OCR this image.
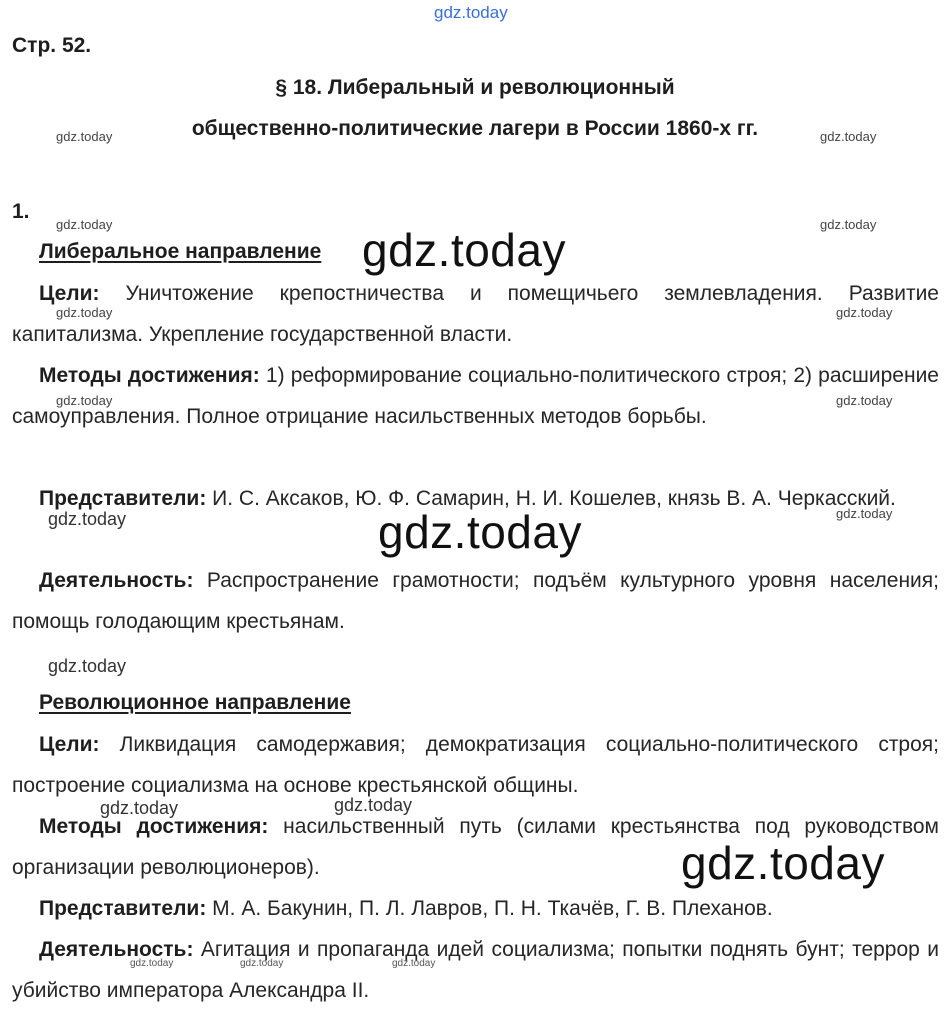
gdz.today
Стр. 52.
§ 18. Либеральный и революционный
общественно-политические лагери в России 1860-х гг.
1.
Либеральное направление

Цели: Уничтожение крепостничества и помещичьего землевладения. Развитие капитализма. Укрепление государственной власти.

Методы достижения: 1) реформирование социально-политического строя; 2) расширение самоуправления. Полное отрицание насильственных методов борьбы.

Представители: И. С. Аксаков, Ю. Ф. Самарин, Н. И. Кошелев, князь В. А. Черкасский.

Деятельность: Распространение грамотности; подъём культурного уровня населения; помощь голодающим крестьянам.

Революционное направление

Цели: Ликвидация самодержавия; демократизация социально-политического строя; построение социализма на основе крестьянской общины.

Методы достижения: насильственный путь (силами крестьянства под руководством организации революционеров).

Представители: М. А. Бакунин, П. Л. Лавров, П. Н. Ткачёв, Г. В. Плеханов.

Деятельность: Агитация и пропаганда идей социализма; попытки поднять бунт; террор и убийство императора Александра II.

gdz.today	gdz.today
gdz.today	gdz.today
gdz.today
gdz.today	gdz.today
gdz.today	gdz.today
gdz.today	gdz.today
gdz.today
gdz.today
gdz.today	gdz.today
gdz.today
gdz.today	gdz.today	gdz.today
